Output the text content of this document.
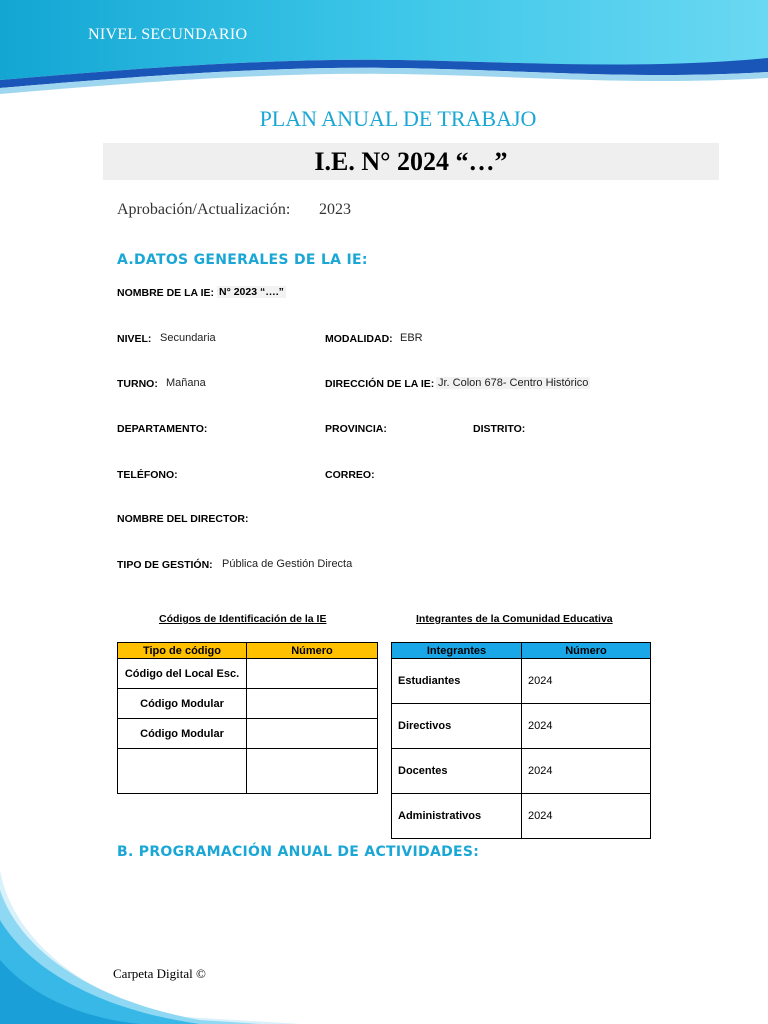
NIVEL SECUNDARIO
PLAN ANUAL DE TRABAJO
I.E. N° 2024 “…”
Aprobación/Actualización: 2023
A.DATOS GENERALES DE LA IE:
NOMBRE DE LA IE: N° 2023 “….”
NIVEL: Secundaria	MODALIDAD: EBR
TURNO: Mañana	DIRECCIÓN DE LA IE: Jr. Colon 678- Centro Histórico
DEPARTAMENTO:	PROVINCIA:	DISTRITO:
TELÉFONO:	CORREO:
NOMBRE DEL DIRECTOR:
TIPO DE GESTIÓN: Pública de Gestión Directa
Códigos de Identificación de la IE	Integrantes de la Comunidad Educativa
Tipo de código	Número
Código del Local Esc.	
Código Modular	
Código Modular	

Integrantes	Número
Estudiantes	2024
Directivos	2024
Docentes	2024
Administrativos	2024
B. PROGRAMACIÓN ANUAL DE ACTIVIDADES:
Carpeta Digital ©
